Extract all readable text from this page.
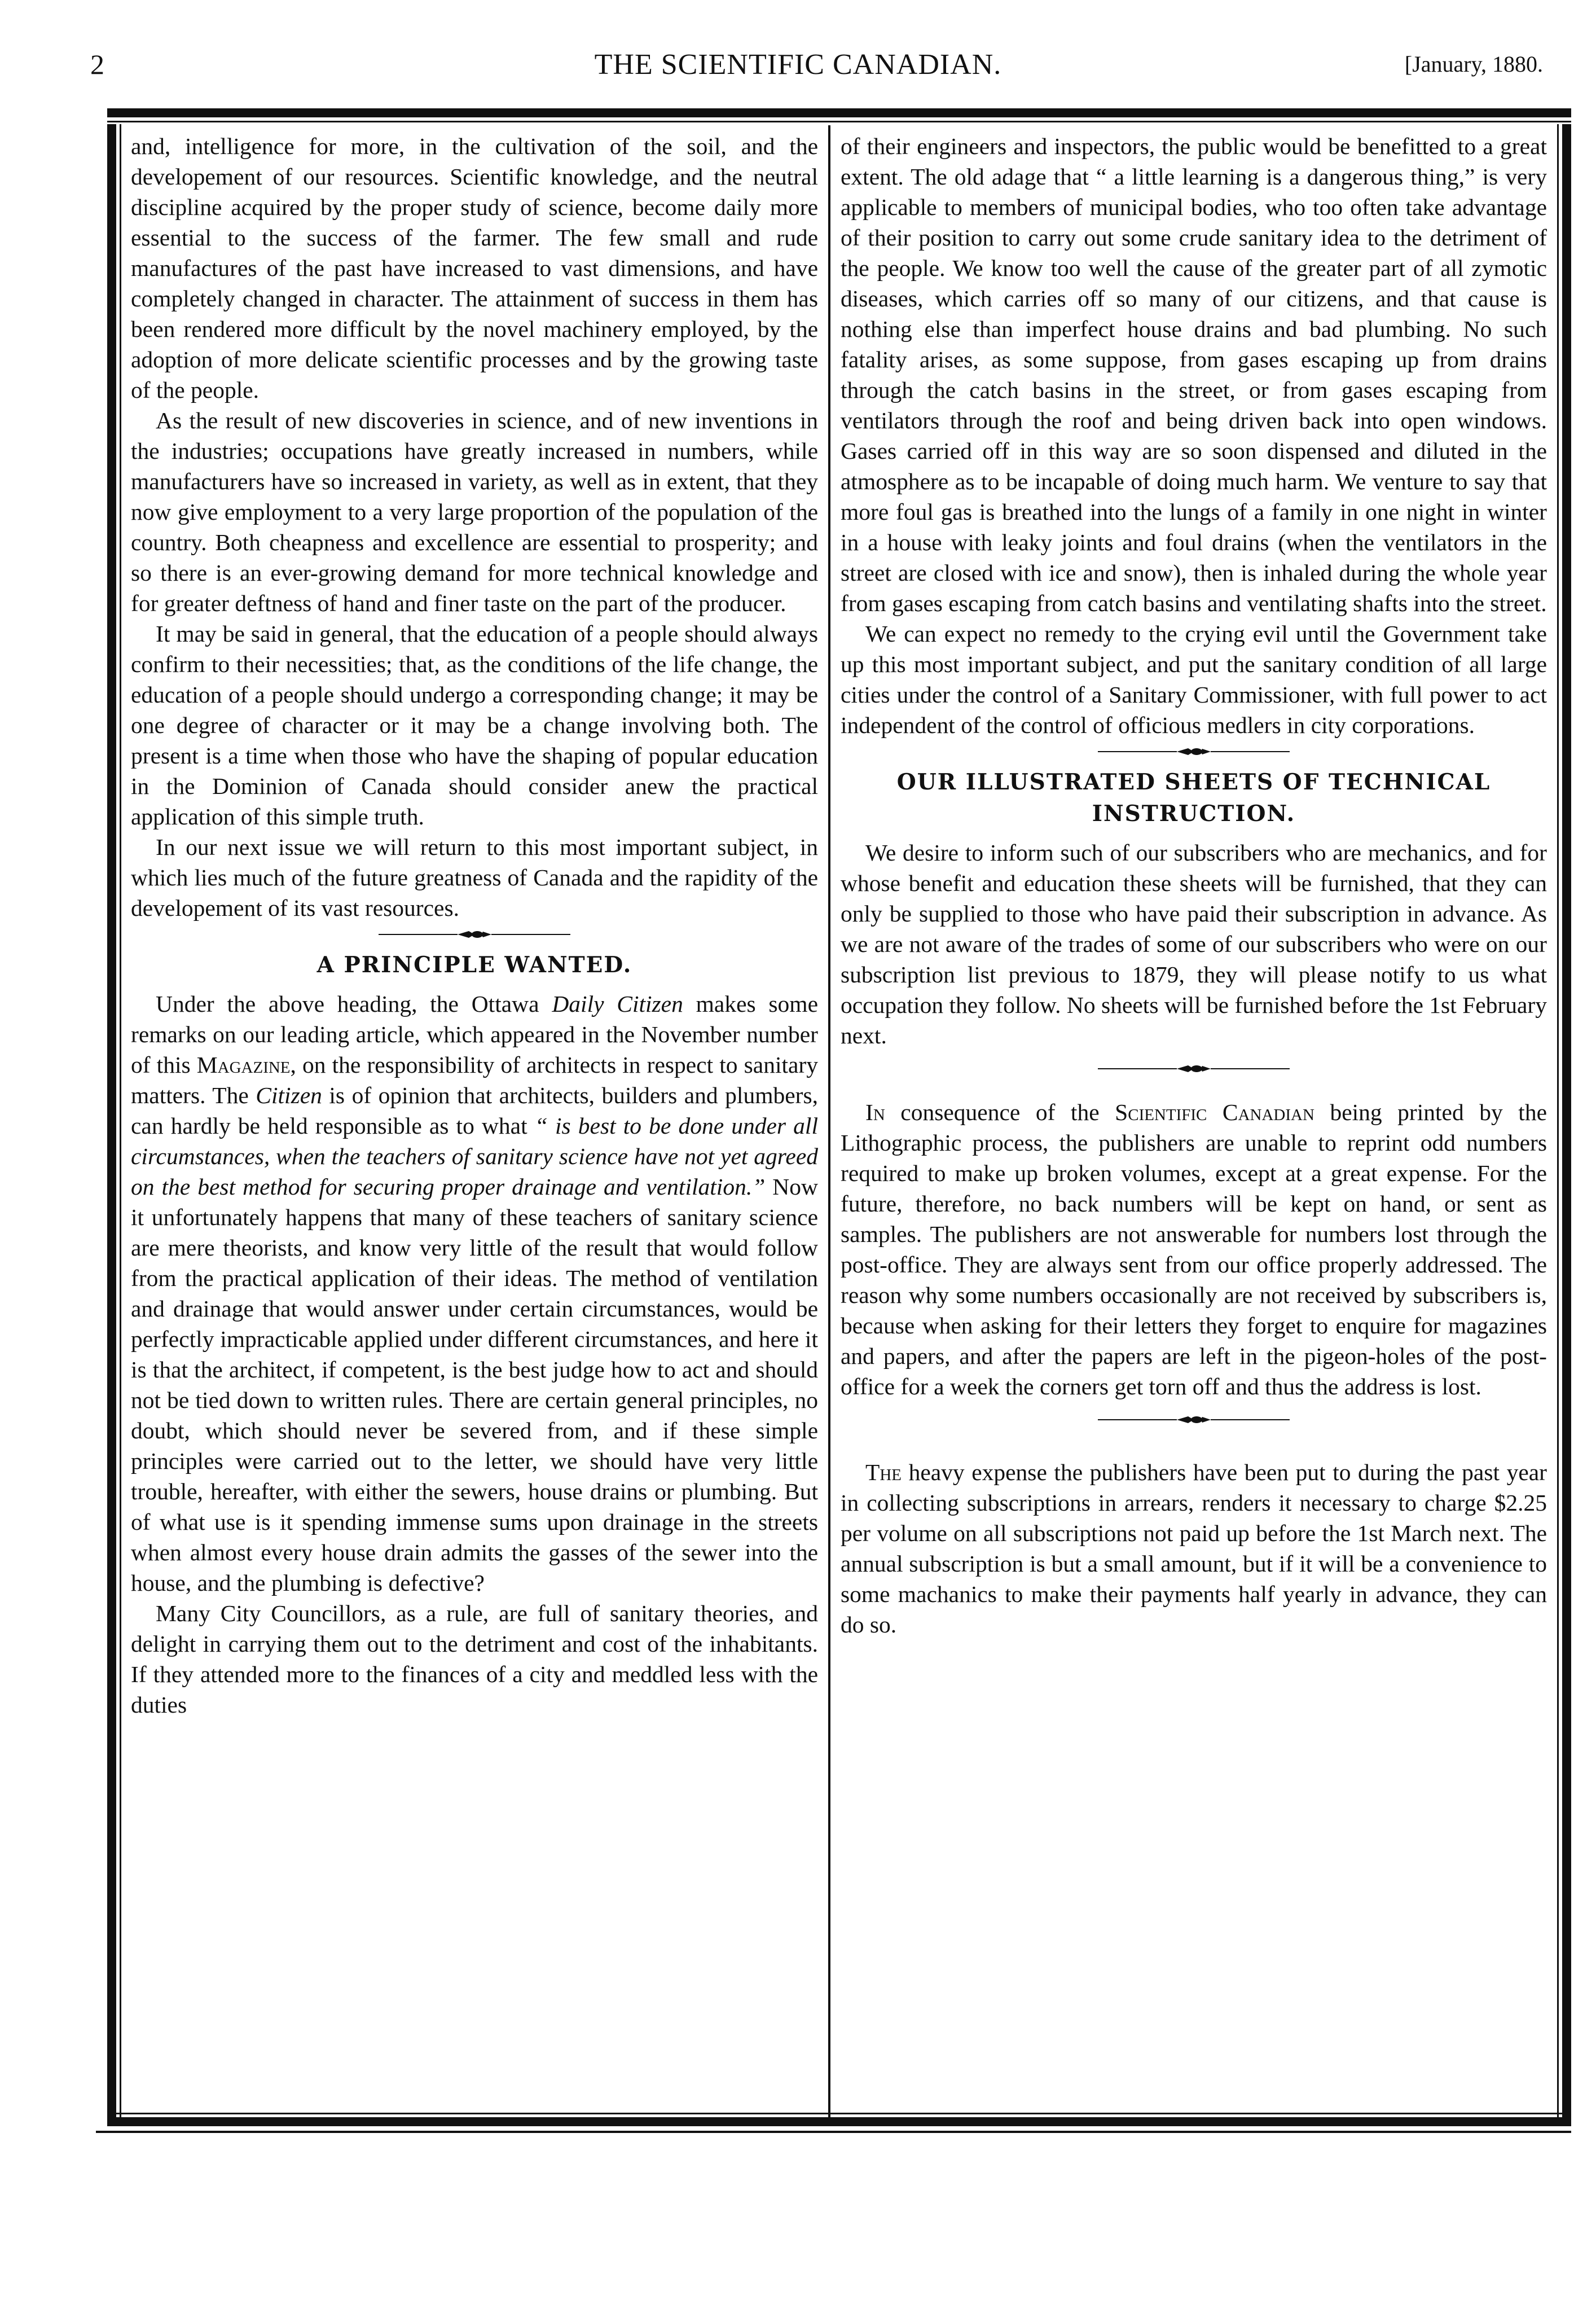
2	THE SCIENTIFIC CANADIAN.	[January, 1880.

and, intelligence for more, in the cultivation of the soil, and the developement of our resources. Scientific knowledge, and the neutral discipline acquired by the proper study of science, become daily more essential to the success of the farmer. The few small and rude manufactures of the past have increased to vast dimensions, and have completely changed in character. The attainment of success in them has been rendered more difficult by the novel machinery employed, by the adoption of more delicate scientific processes and by the growing taste of the people.

As the result of new discoveries in science, and of new inventions in the industries; occupations have greatly increased in numbers, while manufacturers have so increased in variety, as well as in extent, that they now give employment to a very large proportion of the population of the country. Both cheapness and excellence are essential to prosperity; and so there is an ever-growing demand for more technical knowledge and for greater deftness of hand and finer taste on the part of the producer.

It may be said in general, that the education of a people should always confirm to their necessities; that, as the conditions of the life change, the education of a people should undergo a corresponding change; it may be one degree of character or it may be a change involving both. The present is a time when those who have the shaping of popular education in the Dominion of Canada should consider anew the practical application of this simple truth.

In our next issue we will return to this most important subject, in which lies much of the future greatness of Canada and the rapidity of the developement of its vast resources.

A PRINCIPLE WANTED.

Under the above heading, the Ottawa Daily Citizen makes some remarks on our leading article, which appeared in the November number of this Magazine, on the responsibility of architects in respect to sanitary matters. The Citizen is of opinion that architects, builders and plumbers, can hardly be held responsible as to what “ is best to be done under all circumstances, when the teachers of sanitary science have not yet agreed on the best method for securing proper drainage and ventilation.” Now it unfortunately happens that many of these teachers of sanitary science are mere theorists, and know very little of the result that would follow from the practical application of their ideas. The method of ventilation and drainage that would answer under certain circumstances, would be perfectly impracticable applied under different circumstances, and here it is that the architect, if competent, is the best judge how to act and should not be tied down to written rules. There are certain general principles, no doubt, which should never be severed from, and if these simple principles were carried out to the letter, we should have very little trouble, hereafter, with either the sewers, house drains or plumbing. But of what use is it spending immense sums upon drainage in the streets when almost every house drain admits the gasses of the sewer into the house, and the plumbing is defective?

Many City Councillors, as a rule, are full of sanitary theories, and delight in carrying them out to the detriment and cost of the inhabitants. If they attended more to the finances of a city and meddled less with the duties

of their engineers and inspectors, the public would be benefitted to a great extent. The old adage that “ a little learning is a dangerous thing,” is very applicable to members of municipal bodies, who too often take advantage of their position to carry out some crude sanitary idea to the detriment of the people. We know too well the cause of the greater part of all zymotic diseases, which carries off so many of our citizens, and that cause is nothing else than imperfect house drains and bad plumbing. No such fatality arises, as some suppose, from gases escaping up from drains through the catch basins in the street, or from gases escaping from ventilators through the roof and being driven back into open windows. Gases carried off in this way are so soon dispensed and diluted in the atmosphere as to be incapable of doing much harm. We venture to say that more foul gas is breathed into the lungs of a family in one night in winter in a house with leaky joints and foul drains (when the ventilators in the street are closed with ice and snow), then is inhaled during the whole year from gases escaping from catch basins and ventilating shafts into the street.

We can expect no remedy to the crying evil until the Government take up this most important subject, and put the sanitary condition of all large cities under the control of a Sanitary Commissioner, with full power to act independent of the control of officious medlers in city corporations.

OUR ILLUSTRATED SHEETS OF TECHNICAL INSTRUCTION.

We desire to inform such of our subscribers who are mechanics, and for whose benefit and education these sheets will be furnished, that they can only be supplied to those who have paid their subscription in advance. As we are not aware of the trades of some of our subscribers who were on our subscription list previous to 1879, they will please notify to us what occupation they follow. No sheets will be furnished before the 1st February next.

In consequence of the Scientific Canadian being printed by the Lithographic process, the publishers are unable to reprint odd numbers required to make up broken volumes, except at a great expense. For the future, therefore, no back numbers will be kept on hand, or sent as samples. The publishers are not answerable for numbers lost through the post-office. They are always sent from our office properly addressed. The reason why some numbers occasionally are not received by subscribers is, because when asking for their letters they forget to enquire for magazines and papers, and after the papers are left in the pigeon-holes of the post-office for a week the corners get torn off and thus the address is lost.

The heavy expense the publishers have been put to during the past year in collecting subscriptions in arrears, renders it necessary to charge $2.25 per volume on all subscriptions not paid up before the 1st March next. The annual subscription is but a small amount, but if it will be a convenience to some machanics to make their payments half yearly in advance, they can do so.
